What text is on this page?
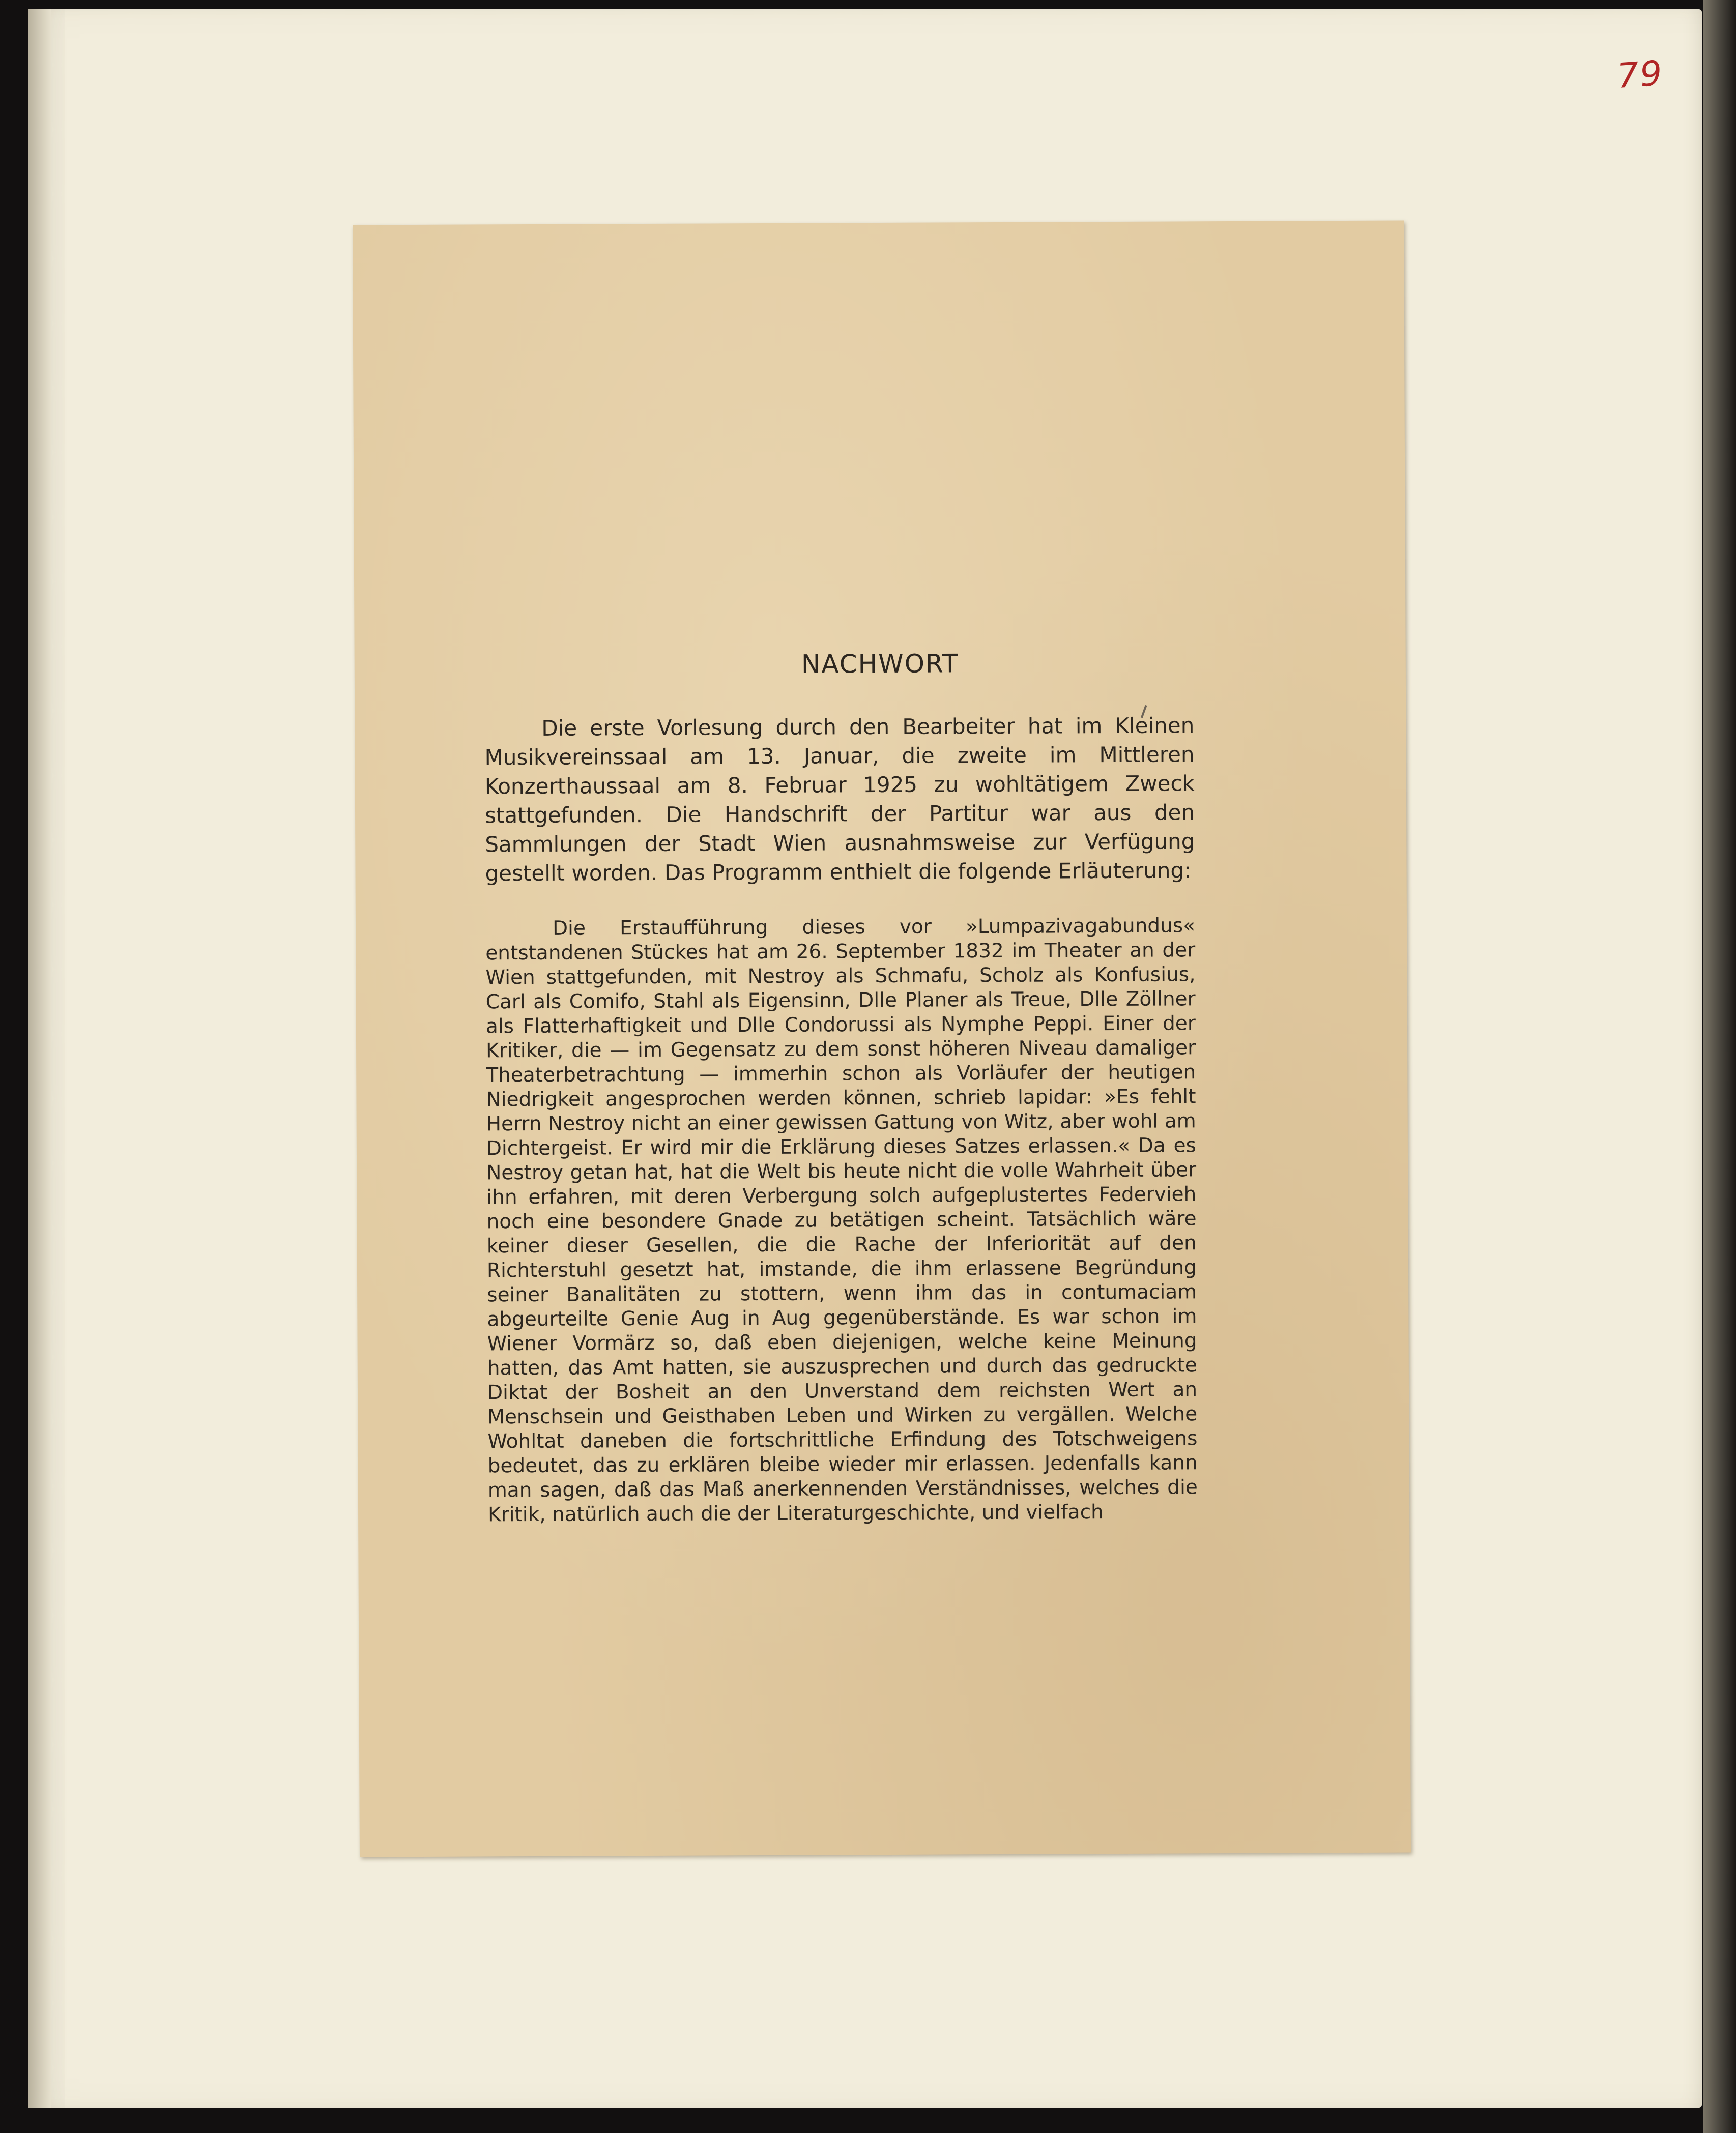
79
NACHWORT
Die erste Vorlesung durch den Bearbeiter hat im Kleinen Musikvereinssaal am 13. Januar, die zweite im Mittleren Konzerthaussaal am 8. Februar 1925 zu wohltätigem Zweck stattgefunden. Die Handschrift der Partitur war aus den Sammlungen der Stadt Wien ausnahmsweise zur Verfügung gestellt worden. Das Programm enthielt die folgende Erläuterung:
Die Erstaufführung dieses vor »Lumpazivagabundus« entstandenen Stückes hat am 26. September 1832 im Theater an der Wien stattgefunden, mit Nestroy als Schmafu, Scholz als Konfusius, Carl als Comifo, Stahl als Eigensinn, Dlle Planer als Treue, Dlle Zöllner als Flatterhaftigkeit und Dlle Condorussi als Nymphe Peppi. Einer der Kritiker, die — im Gegensatz zu dem sonst höheren Niveau damaliger Theaterbetrachtung — immerhin schon als Vorläufer der heutigen Niedrigkeit angesprochen werden können, schrieb lapidar: »Es fehlt Herrn Nestroy nicht an einer gewissen Gattung von Witz, aber wohl am Dichtergeist. Er wird mir die Erklärung dieses Satzes erlassen.« Da es Nestroy getan hat, hat die Welt bis heute nicht die volle Wahrheit über ihn erfahren, mit deren Verbergung solch aufgeplustertes Federvieh noch eine besondere Gnade zu betätigen scheint. Tatsächlich wäre keiner dieser Gesellen, die die Rache der Inferiorität auf den Richterstuhl gesetzt hat, imstande, die ihm erlassene Begründung seiner Banalitäten zu stottern, wenn ihm das in contumaciam abgeurteilte Genie Aug in Aug gegenüberstände. Es war schon im Wiener Vormärz so, daß eben diejenigen, welche keine Meinung hatten, das Amt hatten, sie auszusprechen und durch das gedruckte Diktat der Bosheit an den Unverstand dem reichsten Wert an Menschsein und Geisthaben Leben und Wirken zu vergällen. Welche Wohltat daneben die fortschrittliche Erfindung des Totschweigens bedeutet, das zu erklären bleibe wieder mir erlassen. Jedenfalls kann man sagen, daß das Maß anerkennenden Verständnisses, welches die Kritik, natürlich auch die der Literaturgeschichte, und vielfach
